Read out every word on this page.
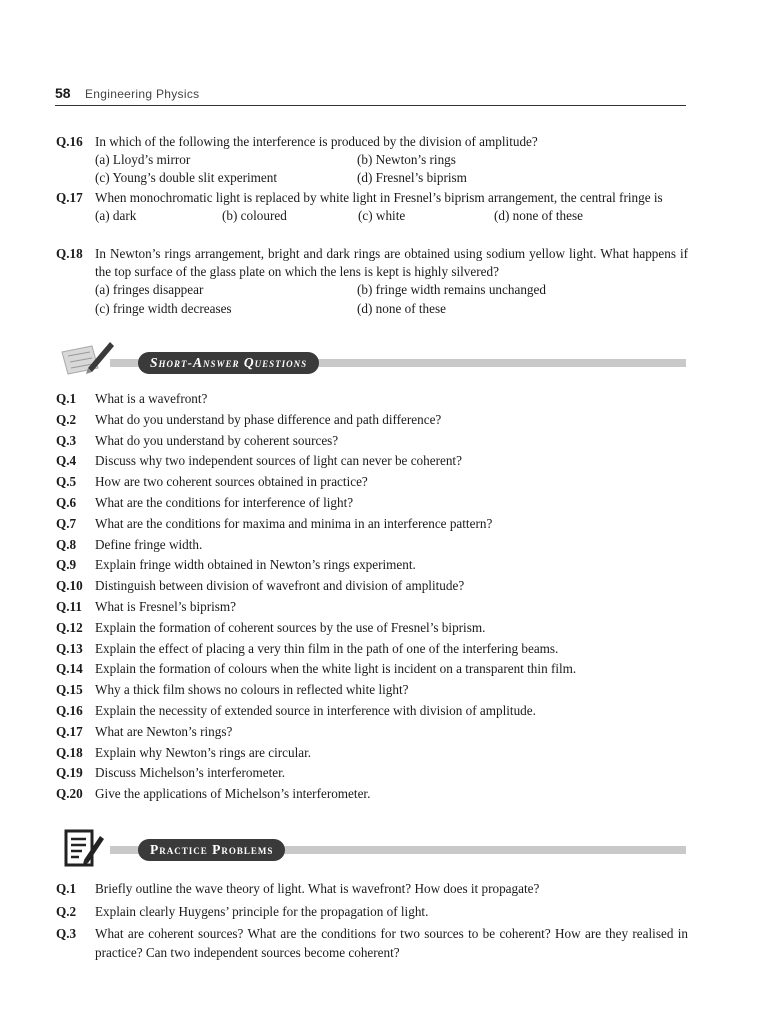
58 Engineering Physics
Q.16 In which of the following the interference is produced by the division of amplitude?
(a) Lloyd’s mirror	(b) Newton’s rings
(c) Young’s double slit experiment	(d) Fresnel’s biprism
Q.17 When monochromatic light is replaced by white light in Fresnel’s biprism arrangement, the central fringe is
(a) dark	(b) coloured	(c) white	(d) none of these
Q.18 In Newton’s rings arrangement, bright and dark rings are obtained using sodium yellow light. What happens if the top surface of the glass plate on which the lens is kept is highly silvered?
(a) fringes disappear	(b) fringe width remains unchanged
(c) fringe width decreases	(d) none of these
Short-Answer Questions
Q.1	What is a wavefront?
Q.2	What do you understand by phase difference and path difference?
Q.3	What do you understand by coherent sources?
Q.4	Discuss why two independent sources of light can never be coherent?
Q.5	How are two coherent sources obtained in practice?
Q.6	What are the conditions for interference of light?
Q.7	What are the conditions for maxima and minima in an interference pattern?
Q.8	Define fringe width.
Q.9	Explain fringe width obtained in Newton’s rings experiment.
Q.10 Distinguish between division of wavefront and division of amplitude?
Q.11 What is Fresnel’s biprism?
Q.12 Explain the formation of coherent sources by the use of Fresnel’s biprism.
Q.13 Explain the effect of placing a very thin film in the path of one of the interfering beams.
Q.14 Explain the formation of colours when the white light is incident on a transparent thin film.
Q.15 Why a thick film shows no colours in reflected white light?
Q.16 Explain the necessity of extended source in interference with division of amplitude.
Q.17 What are Newton’s rings?
Q.18 Explain why Newton’s rings are circular.
Q.19 Discuss Michelson’s interferometer.
Q.20 Give the applications of Michelson’s interferometer.
Practice Problems
Q.1	Briefly outline the wave theory of light. What is wavefront? How does it propagate?
Q.2	Explain clearly Huygens’ principle for the propagation of light.
Q.3	What are coherent sources? What are the conditions for two sources to be coherent? How are they realised in practice? Can two independent sources become coherent?
